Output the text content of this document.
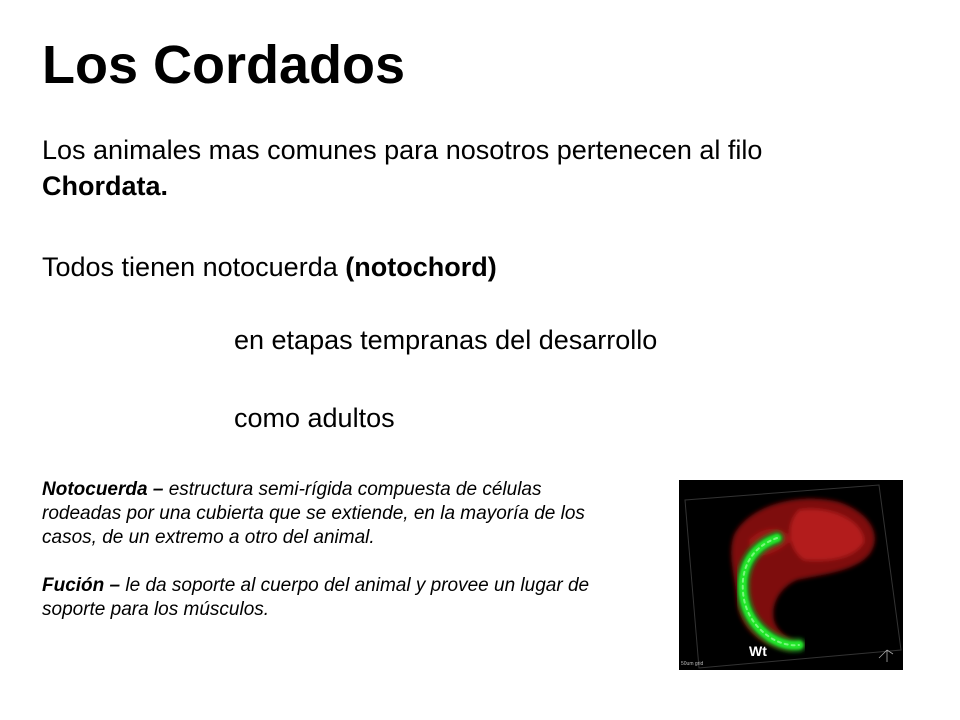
Los Cordados
Los animales mas comunes para nosotros pertenecen al filo Chordata.
Todos tienen notocuerda (notochord)
en etapas tempranas del desarrollo
como adultos
Notocuerda – estructura semi-rígida compuesta de células rodeadas por una cubierta que se extiende, en la mayoría de los casos, de un extremo a otro del animal.
Fución – le da soporte al cuerpo del animal y provee un lugar de soporte para los músculos.
Wt
50um grid
